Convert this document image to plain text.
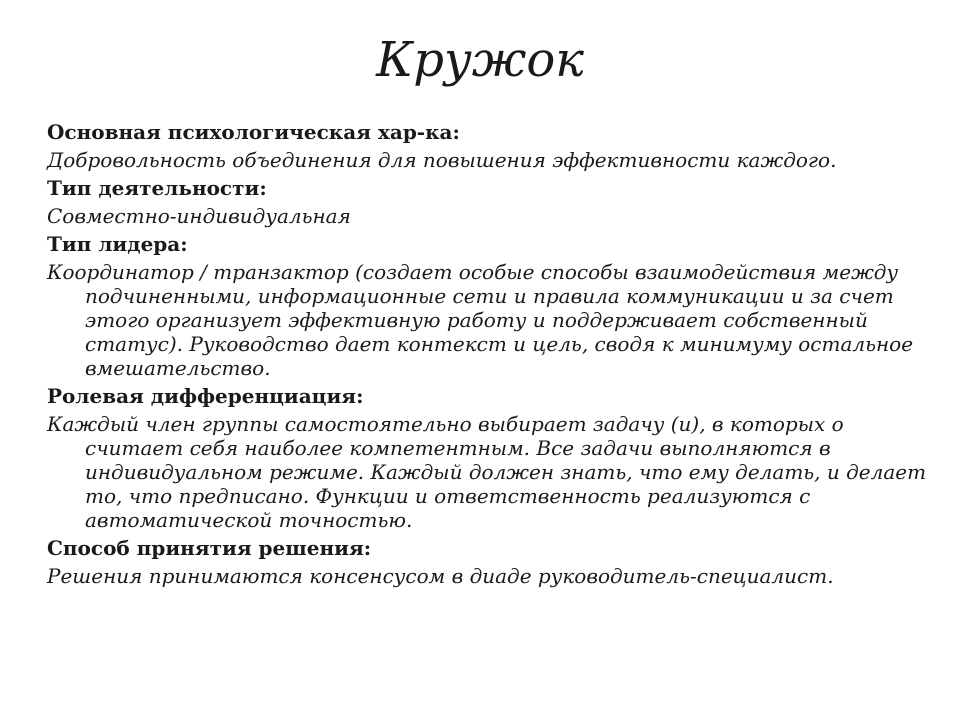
Кружок
Основная психологическая хар-ка:
Добровольность объединения для повышения эффективности каждого.
Тип деятельности:
Совместно-индивидуальная
Тип лидера:
Координатор / транзактор (создает особые способы взаимодействия между подчиненными, информационные сети и правила коммуникации и за счет этого организует эффективную работу и поддерживает собственный статус). Руководство дает контекст и цель, сводя к минимуму остальное вмешательство.
Ролевая дифференциация:
Каждый член группы самостоятельно выбирает задачу (и), в которых о считает себя наиболее компетентным. Все задачи выполняются в индивидуальном режиме. Каждый должен знать, что ему делать, и делает то, что предписано. Функции и ответственность реализуются с автоматической точностью.
Способ принятия решения:
Решения принимаются консенсусом в диаде руководитель-специалист.
